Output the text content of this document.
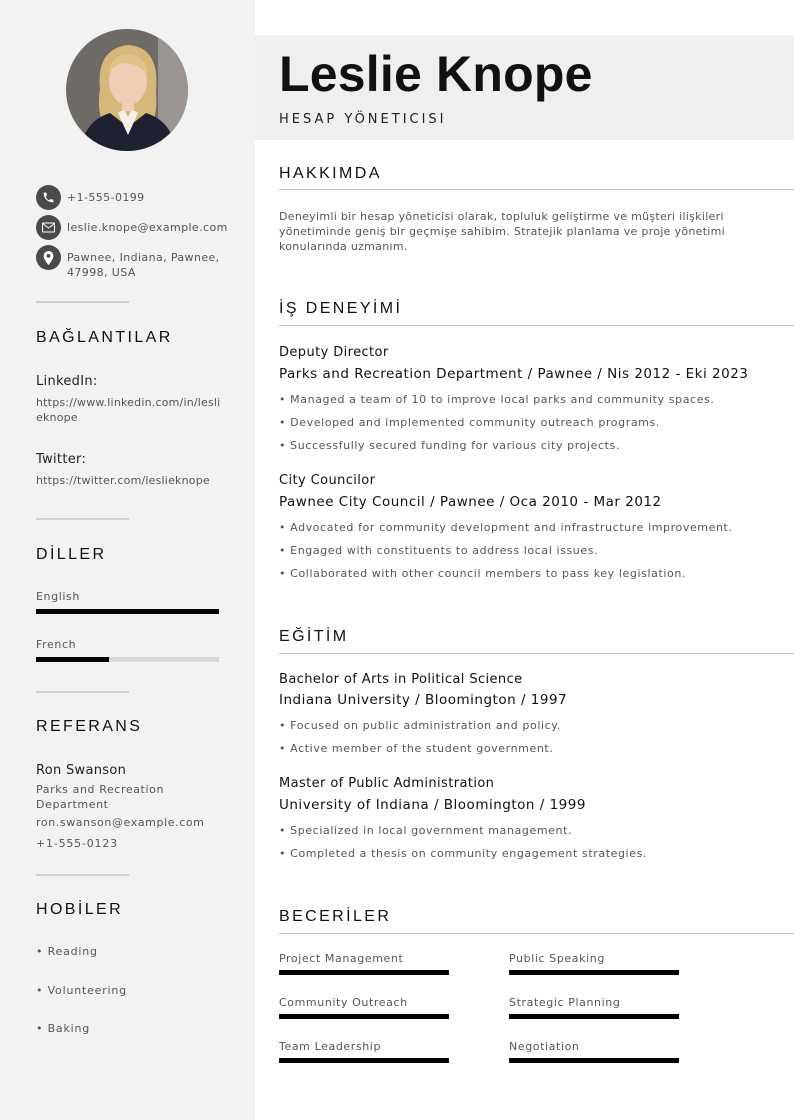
+1-555-0199
leslie.knope@example.com
Pawnee, Indiana, Pawnee, 47998, USA
BAĞLANTILAR
LinkedIn:
https://www.linkedin.com/in/leslieknope
Twitter:
https://twitter.com/leslieknope
DİLLER
English
French
REFERANS
Ron Swanson
Parks and Recreation Department
ron.swanson@example.com
+1-555-0123
HOBİLER
• Reading
• Volunteering
• Baking
Leslie Knope
HESAP YÖNETICISI
HAKKIMDA
Deneyimli bir hesap yöneticisi olarak, topluluk geliştirme ve müşteri ilişkileri yönetiminde geniş bir geçmişe sahibim. Stratejik planlama ve proje yönetimi konularında uzmanım.
İŞ DENEYİMİ
Deputy Director
Parks and Recreation Department / Pawnee / Nis 2012 - Eki 2023
• Managed a team of 10 to improve local parks and community spaces.
• Developed and implemented community outreach programs.
• Successfully secured funding for various city projects.
City Councilor
Pawnee City Council / Pawnee / Oca 2010 - Mar 2012
• Advocated for community development and infrastructure improvement.
• Engaged with constituents to address local issues.
• Collaborated with other council members to pass key legislation.
EĞİTİM
Bachelor of Arts in Political Science
Indiana University / Bloomington / 1997
• Focused on public administration and policy.
• Active member of the student government.
Master of Public Administration
University of Indiana / Bloomington / 1999
• Specialized in local government management.
• Completed a thesis on community engagement strategies.
BECERİLER
Project Management	Public Speaking
Community Outreach	Strategic Planning
Team Leadership	Negotiation
